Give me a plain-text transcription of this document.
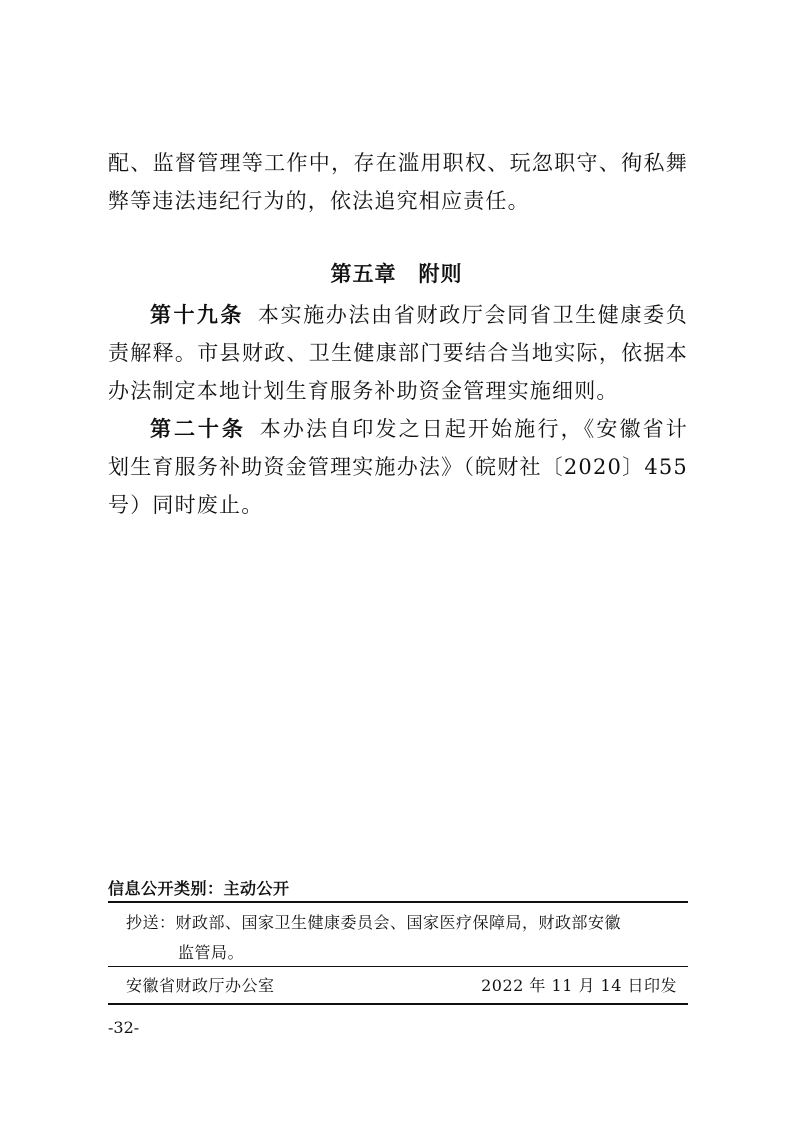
配、监督管理等工作中，存在滥用职权、玩忽职守、徇私舞弊等违法违纪行为的，依法追究相应责任。
第五章 附则
第十九条 本实施办法由省财政厅会同省卫生健康委负责解释。市县财政、卫生健康部门要结合当地实际，依据本办法制定本地计划生育服务补助资金管理实施细则。
第二十条 本办法自印发之日起开始施行，《安徽省计划生育服务补助资金管理实施办法》（皖财社〔2020〕455 号）同时废止。
信息公开类别：主动公开
抄送：财政部、国家卫生健康委员会、国家医疗保障局，财政部安徽
监管局。
安徽省财政厅办公室	2022 年 11 月 14 日印发
-32-
